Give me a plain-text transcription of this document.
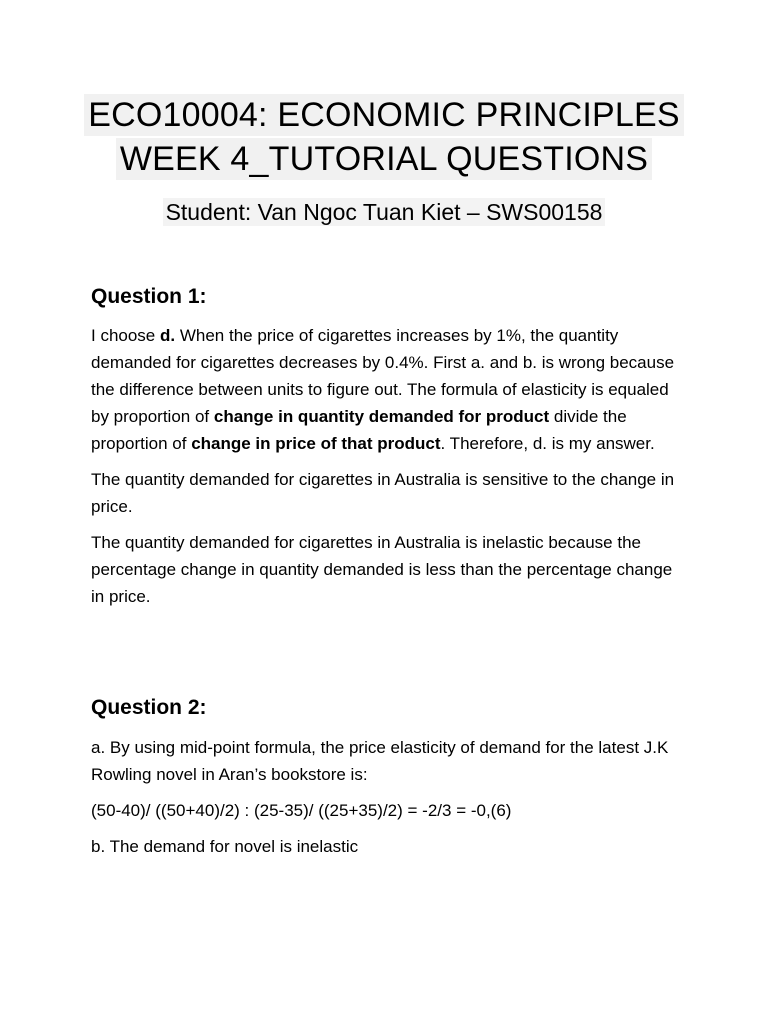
ECO10004: ECONOMIC PRINCIPLES
WEEK 4_TUTORIAL QUESTIONS
Student: Van Ngoc Tuan Kiet – SWS00158
Question 1:

I choose d. When the price of cigarettes increases by 1%, the quantity demanded for cigarettes decreases by 0.4%. First a. and b. is wrong because the difference between units to figure out. The formula of elasticity is equaled by proportion of change in quantity demanded for product divide the proportion of change in price of that product. Therefore, d. is my answer.

The quantity demanded for cigarettes in Australia is sensitive to the change in price.

The quantity demanded for cigarettes in Australia is inelastic because the percentage change in quantity demanded is less than the percentage change in price.

Question 2:

a. By using mid-point formula, the price elasticity of demand for the latest J.K Rowling novel in Aran’s bookstore is:

(50-40)/ ((50+40)/2) : (25-35)/ ((25+35)/2) = -2/3 = -0,(6)

b. The demand for novel is inelastic
